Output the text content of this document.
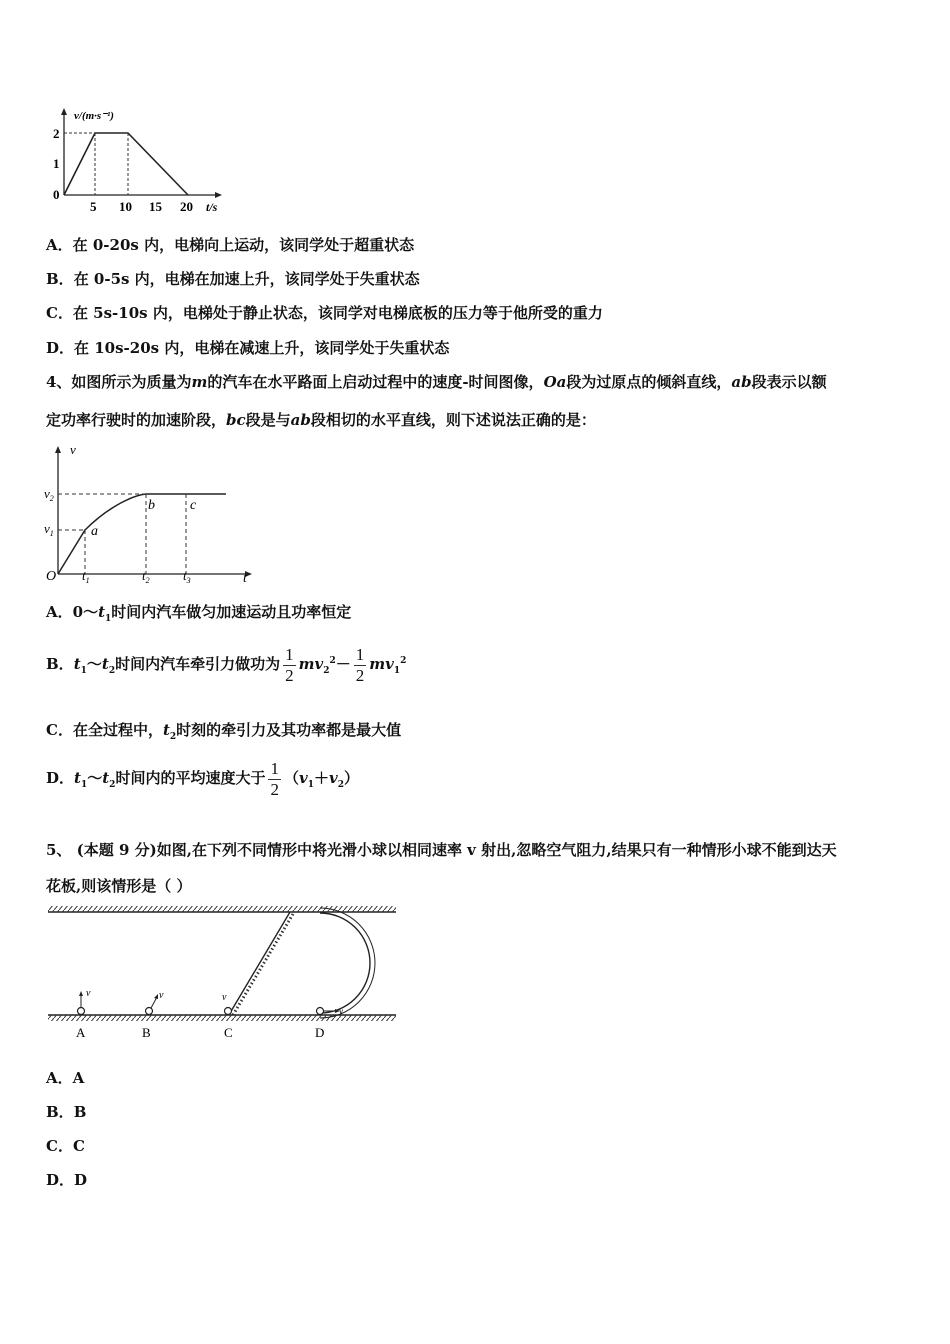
v/(m·s⁻¹)
2
1
0
5 10 15 20 t/s
A．在 0-20s 内，电梯向上运动，该同学处于超重状态
B．在 0-5s 内，电梯在加速上升，该同学处于失重状态
C．在 5s-10s 内，电梯处于静止状态，该同学对电梯底板的压力等于他所受的重力
D．在 10s-20s 内，电梯在减速上升，该同学处于失重状态
4、如图所示为质量为m的汽车在水平路面上启动过程中的速度-时间图像，Oa段为过原点的倾斜直线，ab段表示以额
定功率行驶时的加速阶段，bc段是与ab段相切的水平直线，则下述说法正确的是：
v
$v_2$
$v_1$	a
b	c
O $t_1$	$t_2$	$t_3$	t
A．$0\sim t_1$时间内汽车做匀加速运动且功率恒定
B．$t_1\sim t_2$时间内汽车牵引力做功为 $\frac{1}{2} mv_2^2- \frac{1}{2} mv_1^2$
C．在全过程中，$t_2$时刻的牵引力及其功率都是最大值
D．$t_1\sim t_2$时间内的平均速度大于 $\frac{1}{2} (v_1+v_2)$
5、 (本题 9 分)如图,在下列不同情形中将光滑小球以相同速率 v 射出,忽略空气阻力,结果只有一种情形小球不能到达天
花板,则该情形是（ ）
v	v	v
v
A	B	C	D
A．A
B．B
C．C
D．D
